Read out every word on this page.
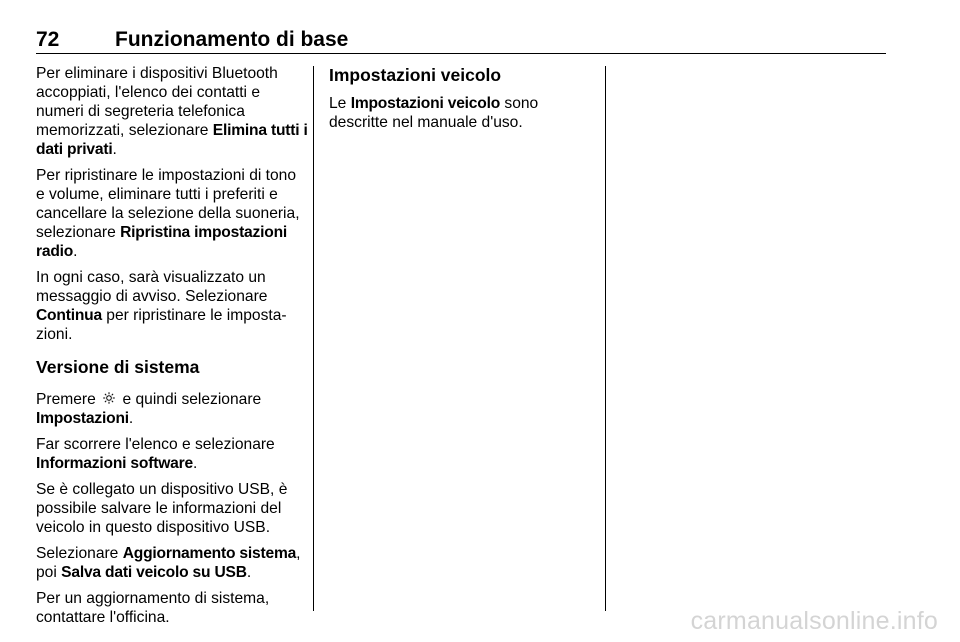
72	Funzionamento di base

Per eliminare i dispositivi Bluetooth accoppiati, l'elenco dei contatti e numeri di segreteria telefonica memorizzati, selezionare Elimina tutti i dati privati.

Per ripristinare le impostazioni di tono e volume, eliminare tutti i preferiti e cancellare la selezione della suoneria, selezionare Ripristina impostazioni radio.

In ogni caso, sarà visualizzato un messaggio di avviso. Selezionare Continua per ripristinare le impostazioni.

Versione di sistema

Premere e quindi selezionare
Impostazioni.

Far scorrere l'elenco e selezionare Informazioni software.

Se è collegato un dispositivo USB, è possibile salvare le informazioni del veicolo in questo dispositivo USB.

Selezionare Aggiornamento sistema, poi Salva dati veicolo su USB.

Per un aggiornamento di sistema, contattare l'officina.

Impostazioni veicolo

Le Impostazioni veicolo sono descritte nel manuale d'uso.

carmanualsonline.info
